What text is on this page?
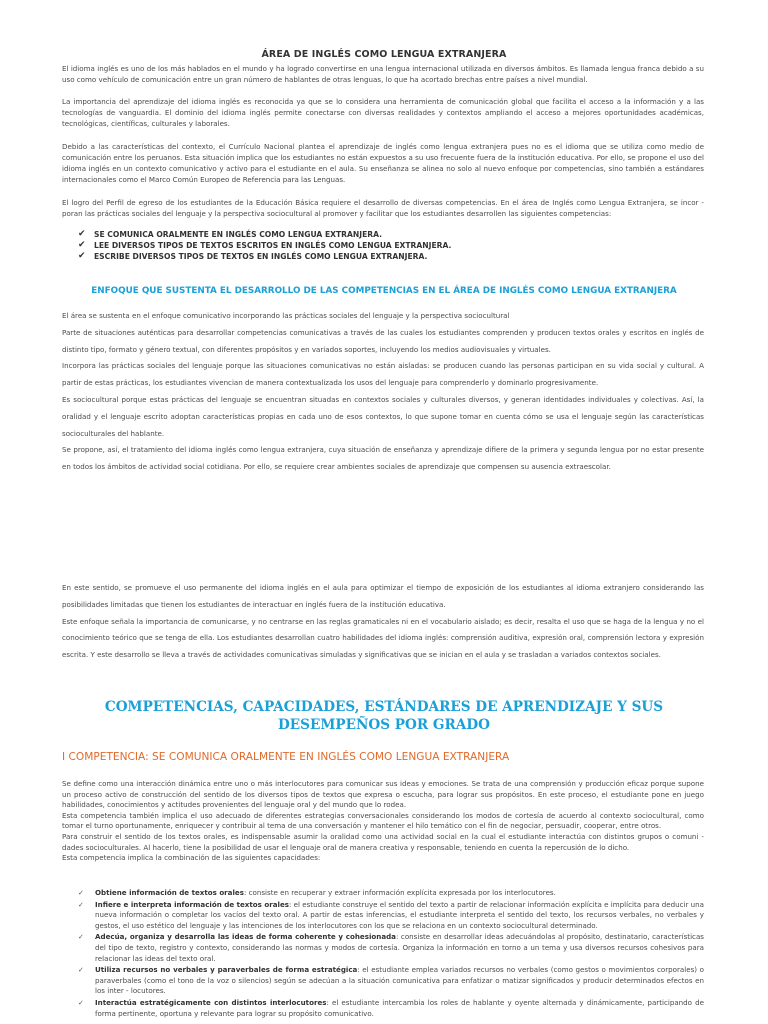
ÁREA DE INGLÉS COMO LENGUA EXTRANJERA

El idioma inglés es uno de los más hablados en el mundo y ha logrado convertirse en una lengua internacional utilizada en diversos ámbitos. Es llamada lengua franca debido a su uso como vehículo de comunicación entre un gran número de hablantes de otras lenguas, lo que ha acortado brechas entre países a nivel mundial.

La importancia del aprendizaje del idioma inglés es reconocida ya que se lo considera una herramienta de comunicación global que facilita el acceso a la información y a las tecnologías de vanguardia. El dominio del idioma inglés permite conectarse con diversas realidades y contextos ampliando el acceso a mejores oportunidades académicas, tecnológicas, científicas, culturales y laborales.

Debido a las características del contexto, el Currículo Nacional plantea el aprendizaje de inglés como lengua extranjera pues no es el idioma que se utiliza como medio de comunicación entre los peruanos. Esta situación implica que los estudiantes no están expuestos a su uso frecuente fuera de la institución educativa. Por ello, se propone el uso del idioma inglés en un contexto comunicativo y activo para el estudiante en el aula. Su enseñanza se alinea no solo al nuevo enfoque por competencias, sino también a estándares internacionales como el Marco Común Europeo de Referencia para las Lenguas.

El logro del Perfil de egreso de los estudiantes de la Educación Básica requiere el desarrollo de diversas competencias. En el área de Inglés como Lengua Extranjera, se incor - poran las prácticas sociales del lenguaje y la perspectiva sociocultural al promover y facilitar que los estudiantes desarrollen las siguientes competencias:

✔	SE COMUNICA ORALMENTE EN INGLÉS COMO LENGUA EXTRANJERA.
✔	LEE DIVERSOS TIPOS DE TEXTOS ESCRITOS EN INGLÉS COMO LENGUA EXTRANJERA.
✔	ESCRIBE DIVERSOS TIPOS DE TEXTOS EN INGLÉS COMO LENGUA EXTRANJERA.
ENFOQUE QUE SUSTENTA EL DESARROLLO DE LAS COMPETENCIAS EN EL ÁREA DE INGLÉS COMO LENGUA EXTRANJERA

El área se sustenta en el enfoque comunicativo incorporando las prácticas sociales del lenguaje y la perspectiva sociocultural

Parte de situaciones auténticas para desarrollar competencias comunicativas a través de las cuales los estudiantes comprenden y producen textos orales y escritos en inglés de distinto tipo, formato y género textual, con diferentes propósitos y en variados soportes, incluyendo los medios audiovisuales y virtuales.

Incorpora las prácticas sociales del lenguaje porque las situaciones comunicativas no están aisladas: se producen cuando las personas participan en su vida social y cultural. A partir de estas prácticas, los estudiantes vivencian de manera contextualizada los usos del lenguaje para comprenderlo y dominarlo progresivamente.

Es sociocultural porque estas prácticas del lenguaje se encuentran situadas en contextos sociales y culturales diversos, y generan identidades individuales y colectivas. Así, la oralidad y el lenguaje escrito adoptan características propias en cada uno de esos contextos, lo que supone tomar en cuenta cómo se usa el lenguaje según las características socioculturales del hablante.

Se propone, así, el tratamiento del idioma inglés como lengua extranjera, cuya situación de enseñanza y aprendizaje difiere de la primera y segunda lengua por no estar presente en todos los ámbitos de actividad social cotidiana. Por ello, se requiere crear ambientes sociales de aprendizaje que compensen su ausencia extraescolar.

En este sentido, se promueve el uso permanente del idioma inglés en el aula para optimizar el tiempo de exposición de los estudiantes al idioma extranjero considerando las posibilidades limitadas que tienen los estudiantes de interactuar en inglés fuera de la institución educativa.

Este enfoque señala la importancia de comunicarse, y no centrarse en las reglas gramaticales ni en el vocabulario aislado; es decir, resalta el uso que se haga de la lengua y no el conocimiento teórico que se tenga de ella. Los estudiantes desarrollan cuatro habilidades del idioma inglés: comprensión auditiva, expresión oral, comprensión lectora y expresión escrita. Y este desarrollo se lleva a través de actividades comunicativas simuladas y significativas que se inician en el aula y se trasladan a variados contextos sociales.

COMPETENCIAS, CAPACIDADES, ESTÁNDARES DE APRENDIZAJE Y SUS DESEMPEÑOS POR GRADO
I COMPETENCIA: SE COMUNICA ORALMENTE EN INGLÉS COMO LENGUA EXTRANJERA

Se define como una interacción dinámica entre uno o más interlocutores para comunicar sus ideas y emociones. Se trata de una comprensión y producción eficaz porque supone un proceso activo de construcción del sentido de los diversos tipos de textos que expresa o escucha, para lograr sus propósitos. En este proceso, el estudiante pone en juego habilidades, conocimientos y actitudes provenientes del lenguaje oral y del mundo que lo rodea.

Esta competencia también implica el uso adecuado de diferentes estrategias conversacionales considerando los modos de cortesía de acuerdo al contexto sociocultural, como tomar el turno oportunamente, enriquecer y contribuir al tema de una conversación y mantener el hilo temático con el fin de negociar, persuadir, cooperar, entre otros.

Para construir el sentido de los textos orales, es indispensable asumir la oralidad como una actividad social en la cual el estudiante interactúa con distintos grupos o comuni - dades socioculturales. Al hacerlo, tiene la posibilidad de usar el lenguaje oral de manera creativa y responsable, teniendo en cuenta la repercusión de lo dicho.

Esta competencia implica la combinación de las siguientes capacidades:

✓	Obtiene información de textos orales: consiste en recuperar y extraer información explícita expresada por los interlocutores.
✓	Infiere e interpreta información de textos orales: el estudiante construye el sentido del texto a partir de relacionar información explícita e implícita para deducir una nueva información o completar los vacíos del texto oral. A partir de estas inferencias, el estudiante interpreta el sentido del texto, los recursos verbales, no verbales y gestos, el uso estético del lenguaje y las intenciones de los interlocutores con los que se relaciona en un contexto sociocultural determinado.
✓	Adecúa, organiza y desarrolla las ideas de forma coherente y cohesionada: consiste en desarrollar ideas adecuándolas al propósito, destinatario, características del tipo de texto, registro y contexto, considerando las normas y modos de cortesía. Organiza la información en torno a un tema y usa diversos recursos cohesivos para relacionar las ideas del texto oral.
✓	Utiliza recursos no verbales y paraverbales de forma estratégica: el estudiante emplea variados recursos no verbales (como gestos o movimientos corporales) o paraverbales (como el tono de la voz o silencios) según se adecúan a la situación comunicativa para enfatizar o matizar significados y producir determinados efectos en los inter - locutores.
✓	Interactúa estratégicamente con distintos interlocutores: el estudiante intercambia los roles de hablante y oyente alternada y dinámicamente, participando de forma pertinente, oportuna y relevante para lograr su propósito comunicativo.
